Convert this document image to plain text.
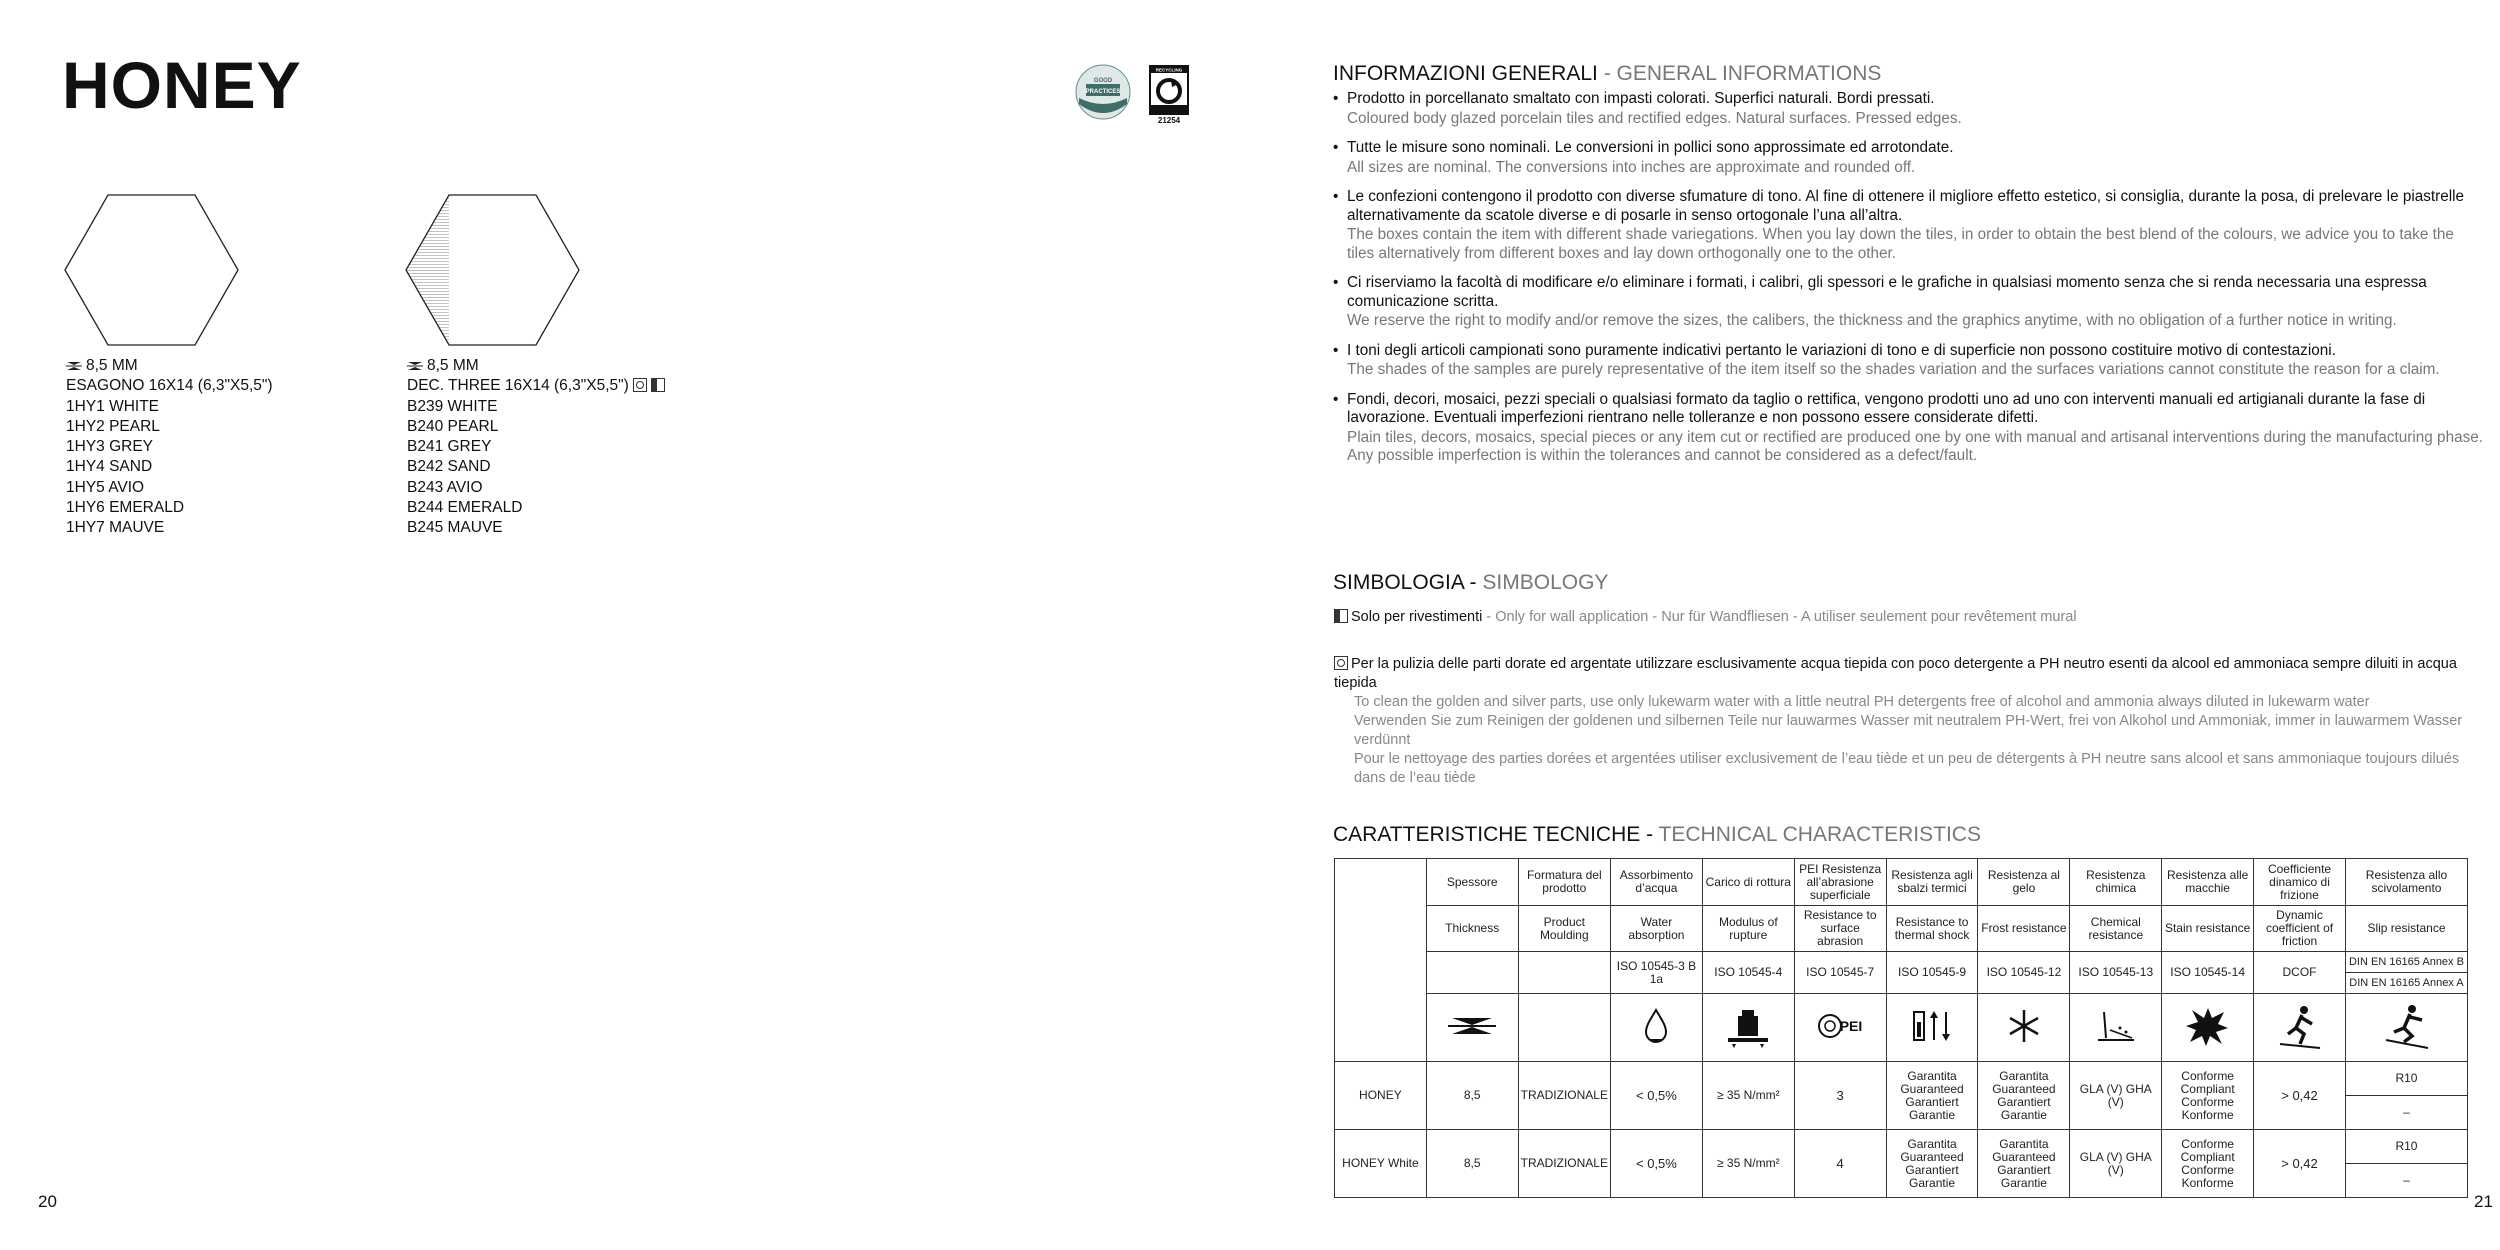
HONEY
8,5 MM
ESAGONO 16X14 (6,3"X5,5")
1HY1 WHITE
1HY2 PEARL
1HY3 GREY
1HY4 SAND
1HY5 AVIO
1HY6 EMERALD
1HY7 MAUVE
8,5 MM
DEC. THREE 16X14 (6,3"X5,5")
B239 WHITE
B240 PEARL
B241 GREY
B242 SAND
B243 AVIO
B244 EMERALD
B245 MAUVE
GOOD
PRACTICES
RECYCLING
21254
20
INFORMAZIONI GENERALI - GENERAL INFORMATIONS
• Prodotto in porcellanato smaltato con impasti colorati. Superfici naturali. Bordi pressati.
Coloured body glazed porcelain tiles and rectified edges. Natural surfaces. Pressed edges.
• Tutte le misure sono nominali. Le conversioni in pollici sono approssimate ed arrotondate.
All sizes are nominal. The conversions into inches are approximate and rounded off.
• Le confezioni contengono il prodotto con diverse sfumature di tono. Al fine di ottenere il migliore effetto estetico, si consiglia, durante la posa, di prelevare le piastrelle alternativamente da scatole diverse e di posarle in senso ortogonale l’una all’altra.
The boxes contain the item with different shade variegations. When you lay down the tiles, in order to obtain the best blend of the colours, we advice you to take the tiles alternatively from different boxes and lay down orthogonally one to the other.
• Ci riserviamo la facoltà di modificare e/o eliminare i formati, i calibri, gli spessori e le grafiche in qualsiasi momento senza che si renda necessaria una espressa comunicazione scritta.
We reserve the right to modify and/or remove the sizes, the calibers, the thickness and the graphics anytime, with no obligation of a further notice in writing.
• I toni degli articoli campionati sono puramente indicativi pertanto le variazioni di tono e di superficie non possono costituire motivo di contestazioni.
The shades of the samples are purely representative of the item itself so the shades variation and the surfaces variations cannot constitute the reason for a claim.
• Fondi, decori, mosaici, pezzi speciali o qualsiasi formato da taglio o rettifica, vengono prodotti uno ad uno con interventi manuali ed artigianali durante la fase di lavorazione. Eventuali imperfezioni rientrano nelle tolleranze e non possono essere considerate difetti.
Plain tiles, decors, mosaics, special pieces or any item cut or rectified are produced one by one with manual and artisanal interventions during the manufacturing phase. Any possible imperfection is within the tolerances and cannot be considered as a defect/fault.
SIMBOLOGIA - SIMBOLOGY
Solo per rivestimenti - Only for wall application - Nur für Wandfliesen - A utiliser seulement pour revêtement mural
Per la pulizia delle parti dorate ed argentate utilizzare esclusivamente acqua tiepida con poco detergente a PH neutro esenti da alcool ed ammoniaca sempre diluiti in acqua tiepida
To clean the golden and silver parts, use only lukewarm water with a little neutral PH detergents free of alcohol and ammonia always diluted in lukewarm water
Verwenden Sie zum Reinigen der goldenen und silbernen Teile nur lauwarmes Wasser mit neutralem PH-Wert, frei von Alkohol und Ammoniak, immer in lauwarmem Wasser verdünnt
Pour le nettoyage des parties dorées et argentées utiliser exclusivement de l’eau tiède et un peu de détergents à PH neutre sans alcool et sans ammoniaque toujours dilués dans de l’eau tiède
CARATTERISTICHE TECNICHE - TECHNICAL CHARACTERISTICS
	Spessore	Formatura del prodotto	Assorbimento d’acqua	Carico di rottura	PEI Resistenza all’abrasione superficiale	Resistenza agli sbalzi termici	Resistenza al gelo	Resistenza chimica	Resistenza alle macchie	Coefficiente dinamico di frizione	Resistenza allo scivolamento
	Thickness	Product Moulding	Water absorption	Modulus of rupture	Resistance to surface abrasion	Resistance to thermal shock	Frost resistance	Chemical resistance	Stain resistance	Dynamic coefficient of friction	Slip resistance
			ISO 10545-3 B 1a	ISO 10545-4	ISO 10545-7	ISO 10545-9	ISO 10545-12	ISO 10545-13	ISO 10545-14	DCOF	DIN EN 16165 Annex B
DIN EN 16165 Annex A

PEI

HONEY	8,5	TRADIZIONALE	< 0,5%	≥ 35 N/mm²	3	Garantita Guaranteed Garantiert Garantie	Garantita Guaranteed Garantiert Garantie	GLA (V) GHA (V)	Conforme Compliant Conforme Konforme	> 0,42	R10
											–
HONEY White	8,5	TRADIZIONALE	< 0,5%	≥ 35 N/mm²	4	Garantita Guaranteed Garantiert Garantie	Garantita Guaranteed Garantiert Garantie	GLA (V) GHA (V)	Conforme Compliant Conforme Konforme	> 0,42	R10
											–
21
